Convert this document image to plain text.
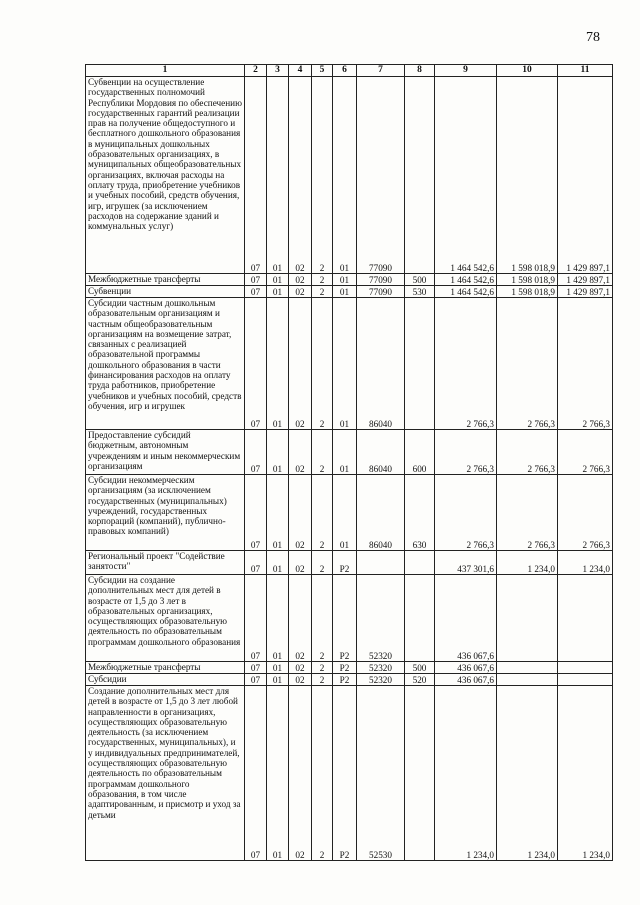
78
1	2	3	4	5	6	7	8	9	10	11
Субвенции на осуществление государственных полномочий Республики Мордовия по обеспечению государственных гарантий реализации прав на получение общедоступного и бесплатного дошкольного образования в муниципальных дошкольных образовательных организациях, в муниципальных общеобразовательных организациях, включая расходы на оплату труда, приобретение учебников и учебных пособий, средств обучения, игр, игрушек (за исключением расходов на содержание зданий и коммунальных услуг)	07	01	02	2	01	77090		1 464 542,6	1 598 018,9	1 429 897,1
Межбюджетные трансферты	07	01	02	2	01	77090	500	1 464 542,6	1 598 018,9	1 429 897,1
Субвенции	07	01	02	2	01	77090	530	1 464 542,6	1 598 018,9	1 429 897,1
Субсидии частным дошкольным образовательным организациям и частным общеобразовательным организациям на возмещение затрат, связанных с реализацией образовательной программы дошкольного образования в части финансирования расходов на оплату труда работников, приобретение учебников и учебных пособий, средств обучения, игр и игрушек	07	01	02	2	01	86040		2 766,3	2 766,3	2 766,3
Предоставление субсидий бюджетным, автономным учреждениям и иным некоммерческим организациям	07	01	02	2	01	86040	600	2 766,3	2 766,3	2 766,3
Субсидии некоммерческим организациям (за исключением государственных (муниципальных) учреждений, государственных корпораций (компаний), публично-правовых компаний)	07	01	02	2	01	86040	630	2 766,3	2 766,3	2 766,3
Региональный проект "Содействие занятости"	07	01	02	2	P2			437 301,6	1 234,0	1 234,0
Субсидии на создание дополнительных мест для детей в возрасте от 1,5 до 3 лет в образовательных организациях, осуществляющих образовательную деятельность по образовательным программам дошкольного образования	07	01	02	2	P2	52320		436 067,6		
Межбюджетные трансферты	07	01	02	2	P2	52320	500	436 067,6		
Субсидии	07	01	02	2	P2	52320	520	436 067,6		
Создание дополнительных мест для детей в возрасте от 1,5 до 3 лет любой направленности в организациях, осуществляющих образовательную деятельность (за исключением государственных, муниципальных), и у индивидуальных предпринимателей, осуществляющих образовательную деятельность по образовательным программам дошкольного образования, в том числе адаптированным, и присмотр и уход за детьми	07	01	02	2	P2	52530		1 234,0	1 234,0	1 234,0
